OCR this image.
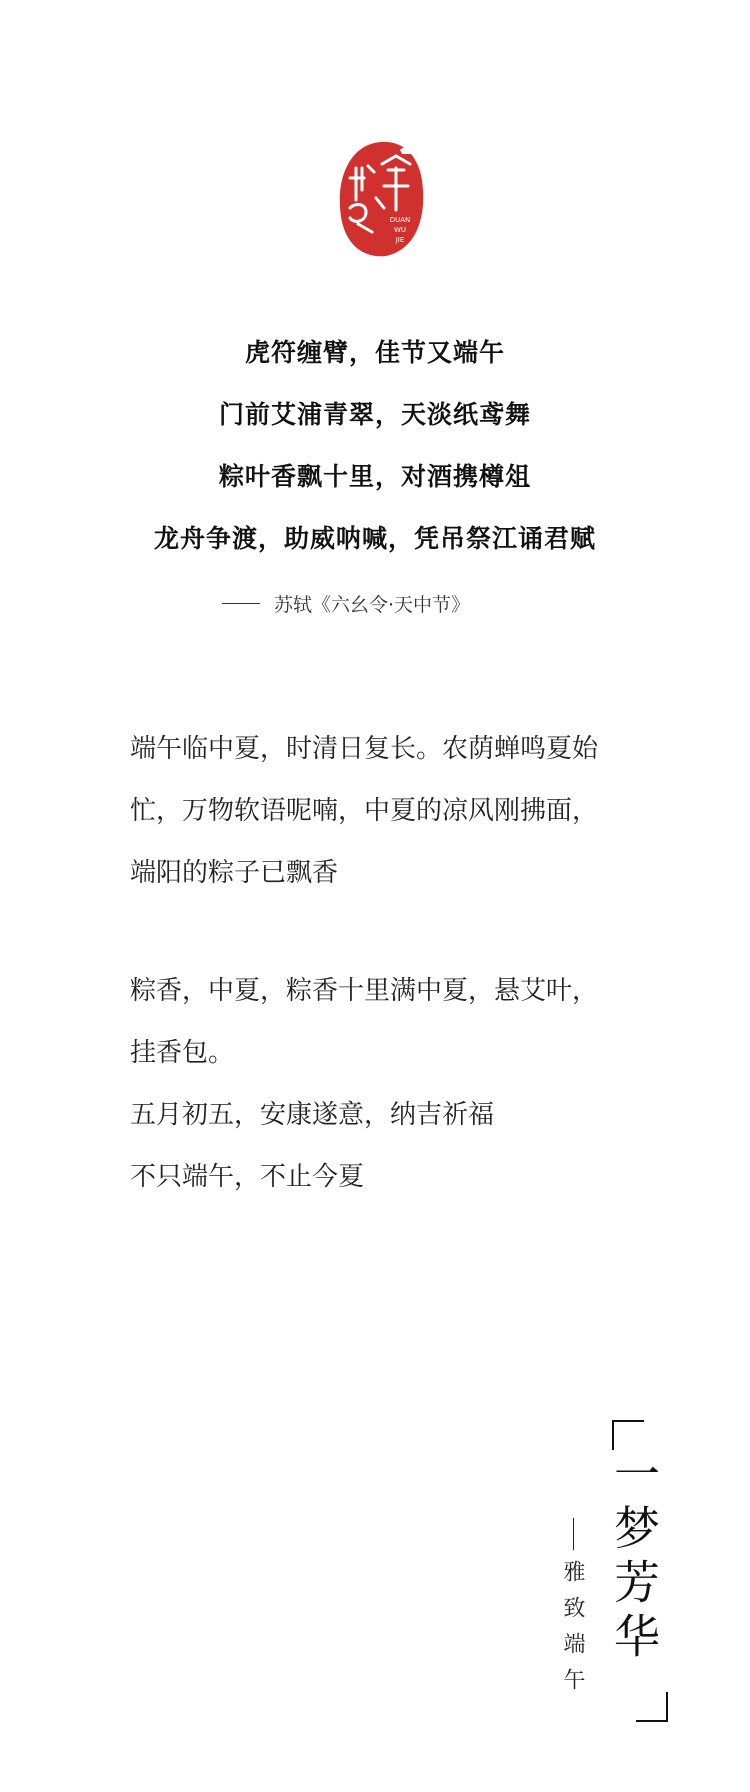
DUAN
WU
JIE
虎符缠臂，佳节又端午
门前艾浦青翠，天淡纸鸢舞
粽叶香飘十里，对酒携樽俎
龙舟争渡，助威呐喊，凭吊祭江诵君赋
苏轼《六幺令·天中节》
端午临中夏，时清日复长。农荫蝉鸣夏始
忙，万物软语呢喃，中夏的凉风刚拂面，
端阳的粽子已飘香
粽香，中夏，粽香十里满中夏，悬艾叶，
挂香包。
五月初五，安康遂意，纳吉祈福
不只端午，不止今夏
一梦芳华
雅致端午
